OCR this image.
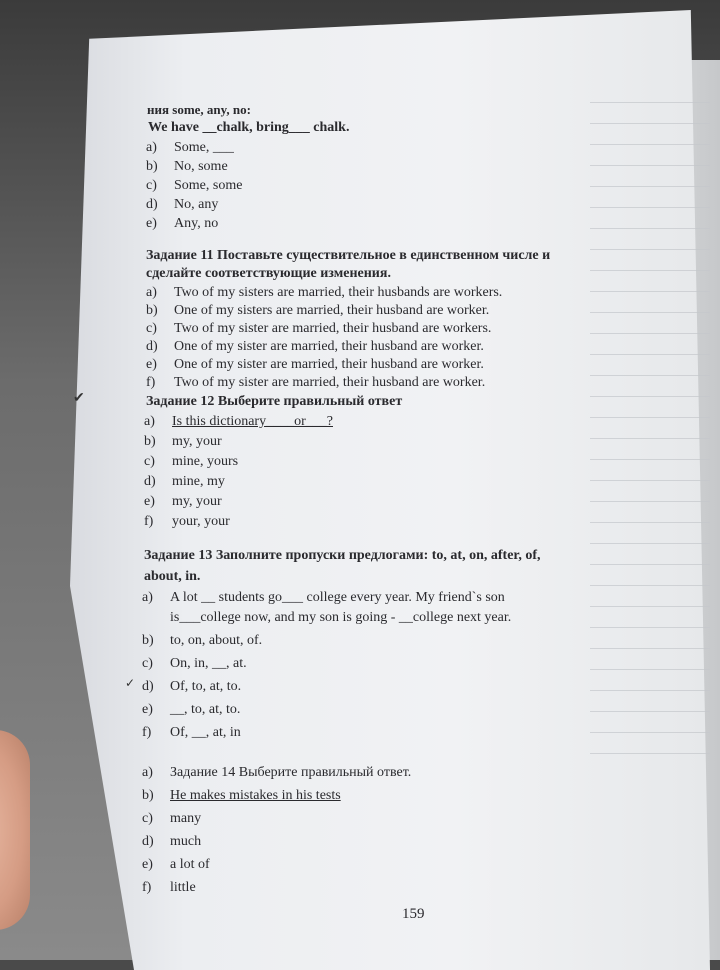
ния some, any, no:
We have __chalk, bring___ chalk.
a) Some, ___
b) No, some
c) Some, some
d) No, any
e) Any, no
Задание 11 Поставьте существительное в единственном числе и
сделайте соответствующие изменения.
a) Two of my sisters are married, their husbands are workers.
b) One of my sisters are married, their husband are worker.
c) Two of my sister are married, their husband are workers.
d) One of my sister are married, their husband are worker.
e) One of my sister are married, their husband are worker.
f) Two of my sister are married, their husband are worker.
Задание 12 Выберите правильный ответ
a) Is this dictionary____or___?
b) my, your
c) mine, yours
d) mine, my
e) my, your
f) your, your
Задание 13 Заполните пропуски предлогами: to, at, on, after, of,
about, in.
a) A lot __ students go___ college every year. My friend`s son
is___college now, and my son is going - __college next year.
b) to, on, about, of.
c) On, in, __, at.
d) Of, to, at, to.
e) __, to, at, to.
f) Of, __, at, in
a) Задание 14 Выберите правильный ответ.
b) He makes mistakes in his tests
c) many
d) much
e) a lot of
f) little
159
✔
✓
